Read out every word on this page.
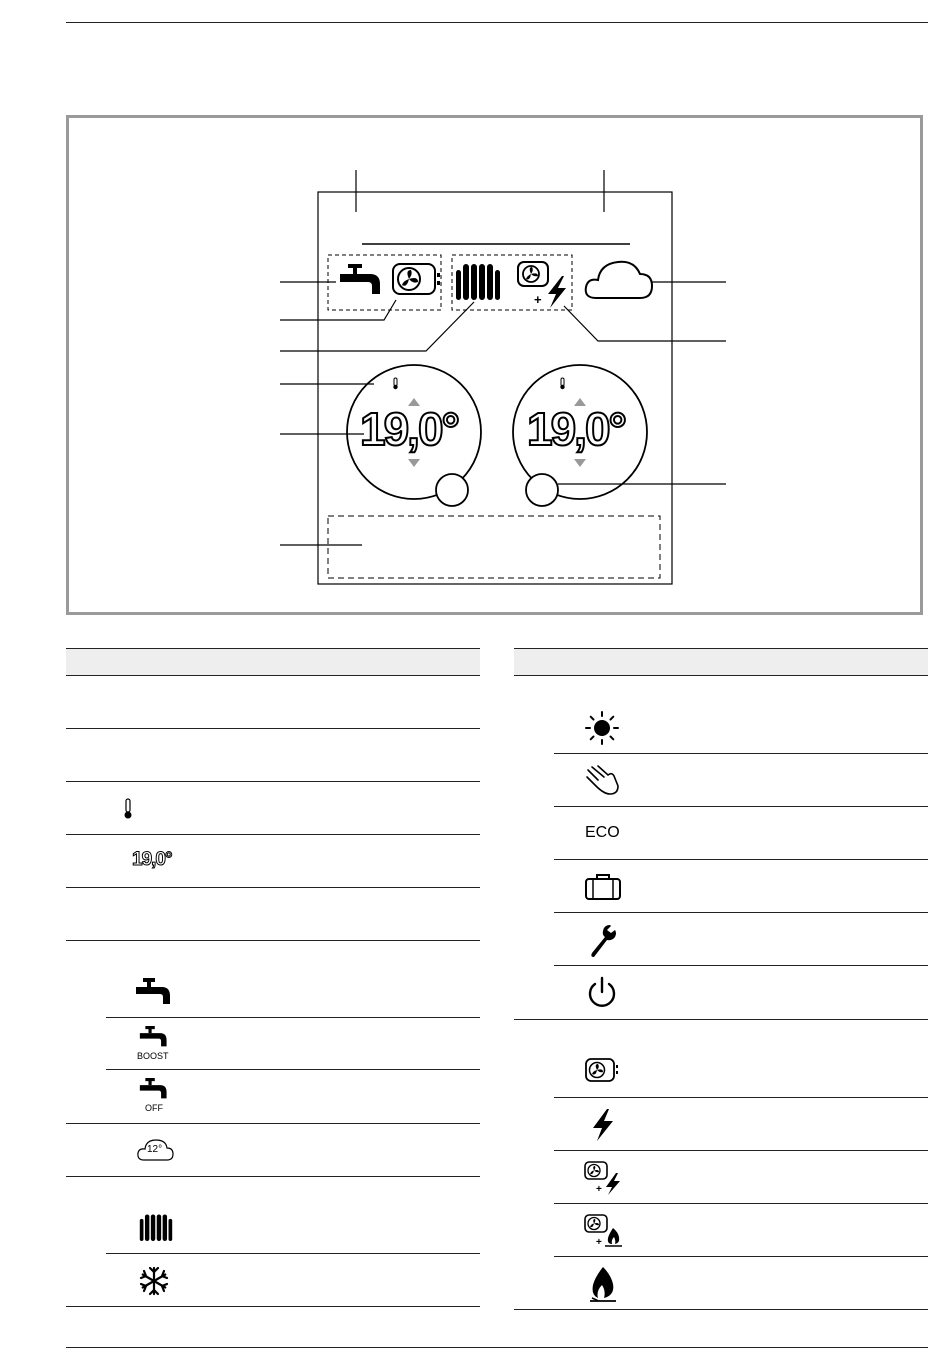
+
19,0° 19,0°
19,0°
BOOST
OFF
12°
ECO
+
+
